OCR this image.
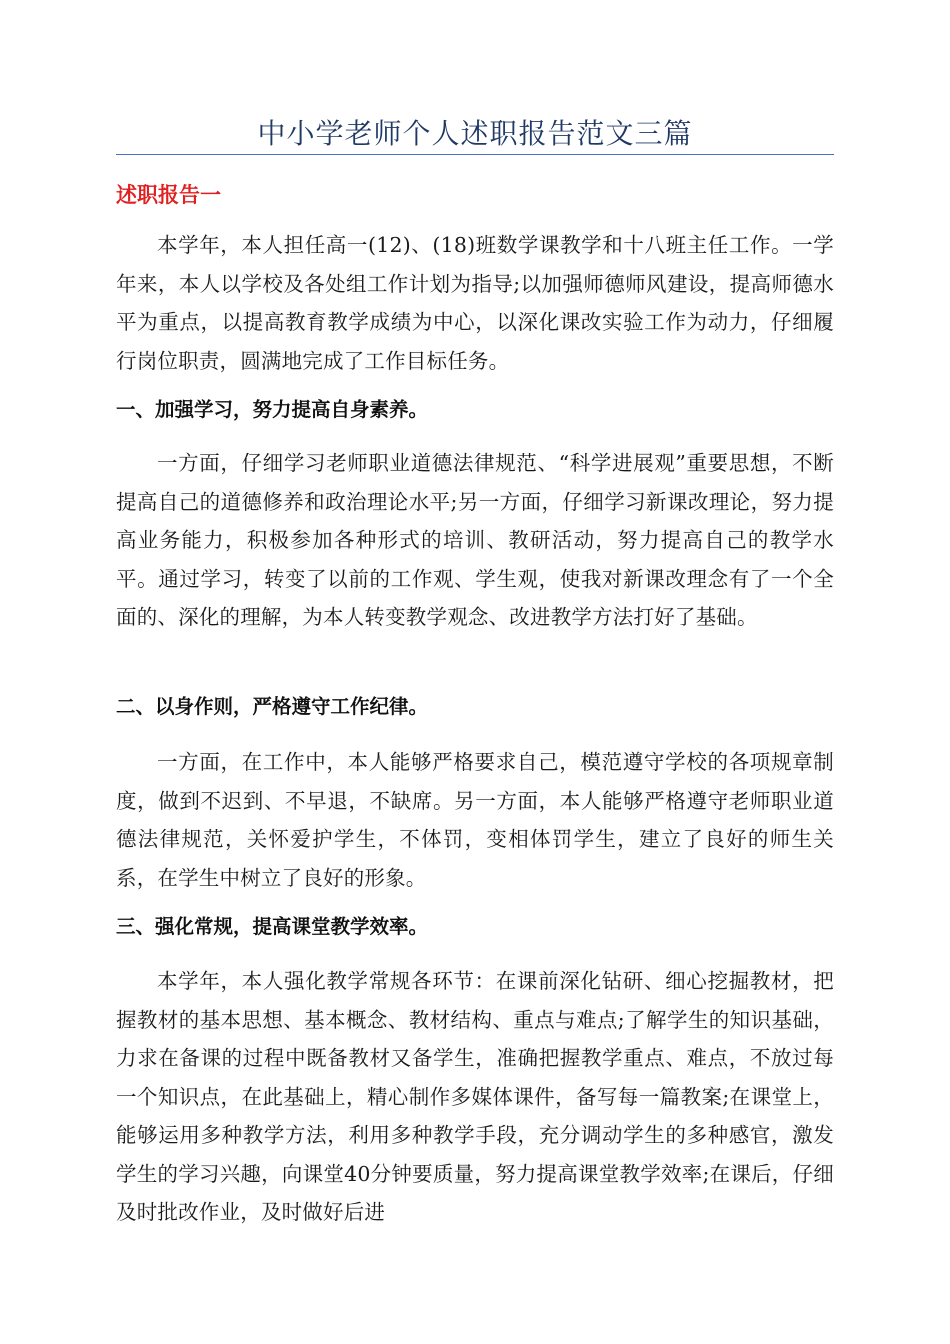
中小学老师个人述职报告范文三篇
述职报告一

本学年，本人担任高一(12)、(18)班数学课教学和十八班主任工作。一学年来，本人以学校及各处组工作计划为指导;以加强师德师风建设，提高师德水平为重点，以提高教育教学成绩为中心，以深化课改实验工作为动力，仔细履行岗位职责，圆满地完成了工作目标任务。

一、加强学习，努力提高自身素养。

一方面，仔细学习老师职业道德法律规范、“科学进展观”重要思想，不断提高自己的道德修养和政治理论水平;另一方面，仔细学习新课改理论，努力提高业务能力，积极参加各种形式的培训、教研活动，努力提高自己的教学水平。通过学习，转变了以前的工作观、学生观，使我对新课改理念有了一个全面的、深化的理解，为本人转变教学观念、改进教学方法打好了基础。

二、以身作则，严格遵守工作纪律。

一方面，在工作中，本人能够严格要求自己，模范遵守学校的各项规章制度，做到不迟到、不早退，不缺席。另一方面，本人能够严格遵守老师职业道德法律规范，关怀爱护学生，不体罚，变相体罚学生，建立了良好的师生关系，在学生中树立了良好的形象。

三、强化常规，提高课堂教学效率。

本学年，本人强化教学常规各环节：在课前深化钻研、细心挖掘教材，把握教材的基本思想、基本概念、教材结构、重点与难点;了解学生的知识基础，力求在备课的过程中既备教材又备学生，准确把握教学重点、难点，不放过每一个知识点，在此基础上，精心制作多媒体课件，备写每一篇教案;在课堂上，能够运用多种教学方法，利用多种教学手段，充分调动学生的多种感官，激发学生的学习兴趣，向课堂40分钟要质量，努力提高课堂教学效率;在课后，仔细及时批改作业，及时做好后进
